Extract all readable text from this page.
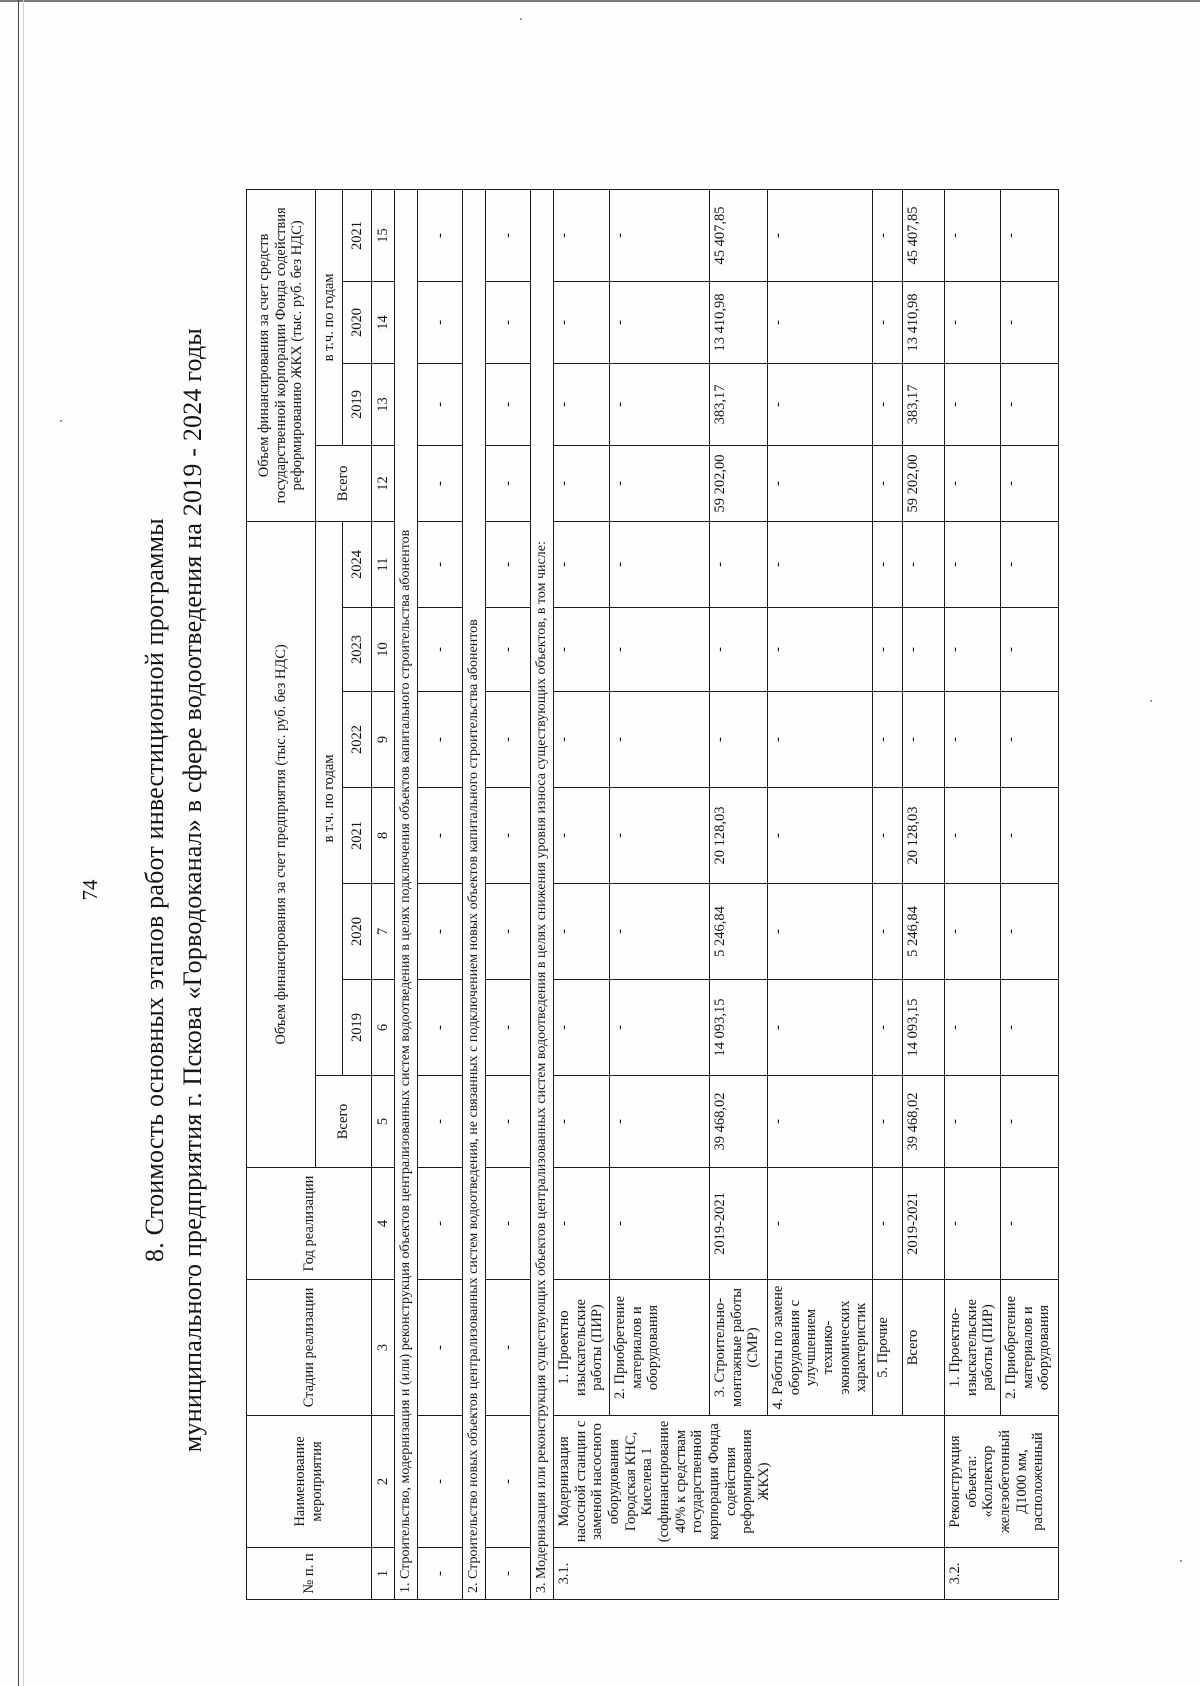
74 8. Стоимость основных этапов работ инвестиционной программы муниципального предприятия г. Пскова «Горводоканал» в сфере водоотведения на 2019 - 2024 годы
№ п. п	Наименование мероприятия	Стадии реализации	Год реализации	Объем финансирования за счет предприятия (тыс. руб. без НДС)							Объем финансирования за счет средств государственной корпорации Фонда содействия реформированию ЖКХ (тыс. руб. без НДС)			
				Всего	в т.ч. по годам						Всего	в т.ч. по годам		
					2019	2020	2021	2022	2023	2024		2019	2020	2021
1	2	3	4	5	6	7	8	9	10	11	12	13	14	15
1. Строительство, модернизация и (или) реконструкция объектов централизованных систем водоотведения в целях подключения объектов капитального строительства абонентов														
-	-	-	-	-	-	-	-	-	-	-	-	-	-	-
2. Строительство новых объектов централизованных систем водоотведения, не связанных с подключением новых объектов капитального строительства абонентов														
-	-	-	-	-	-	-	-	-	-	-	-	-	-	-
3. Модернизация или реконструкция существующих объектов централизованных систем водоотведения в целях снижения уровня износа существующих объектов, в том числе:														
3.1.	Модернизация насосной станции с заменой насосного оборудования Городская КНС, Киселева 1 (софинансирование 40% к средствам государственной корпорации Фонда содействия реформирования ЖКХ)	1. Проектно изыскательские работы (ПИР)	-	-	-	-	-	-	-	-	-	-	-	-
		2. Приобретение материалов и оборудования	-	-	-	-	-	-	-	-	-	-	-	-
		3. Строительно-монтажные работы (СМР)	2019-2021	39 468,02	14 093,15	5 246,84	20 128,03	-	-	-	59 202,00	383,17	13 410,98	45 407,85
		4. Работы по замене оборудования с улучшением технико-экономических характеристик	-	-	-	-	-	-	-	-	-	-	-	-
		5. Прочие	-	-	-	-	-	-	-	-	-	-	-	-
		Всего	2019-2021	39 468,02	14 093,15	5 246,84	20 128,03	-	-	-	59 202,00	383,17	13 410,98	45 407,85
3.2.	Реконструкция объекта: «Коллектор железобетонный Д1000 мм, расположенный	1. Проектно-изыскательские работы (ПИР)	-	-	-	-	-	-	-	-	-	-	-	-
		2. Приобретение материалов и оборудования	-	-	-	-	-	-	-	-	-	-	-	-
